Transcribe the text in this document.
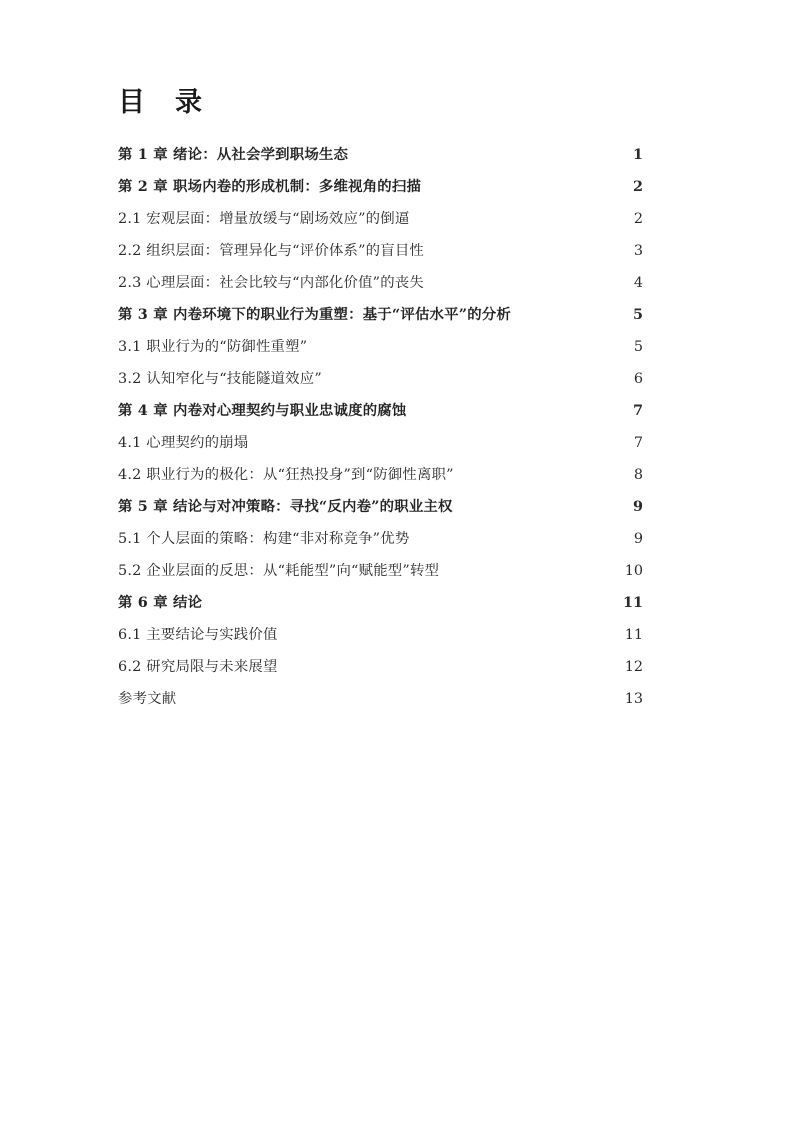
目  录
第 1 章 绪论：从社会学到职场生态 ·····	1
第 2 章 职场内卷的形成机制：多维视角的扫描 ·····	2
2.1 宏观层面：增量放缓与“剧场效应”的倒逼 ·····	2
2.2 组织层面：管理异化与“评价体系”的盲目性 ·····	3
2.3 心理层面：社会比较与“内部化价值”的丧失 ·····	4
第 3 章 内卷环境下的职业行为重塑：基于“评估水平”的分析 ·····	5
3.1 职业行为的“防御性重塑” ·····	5
3.2 认知窄化与“技能隧道效应” ·····	6
第 4 章 内卷对心理契约与职业忠诚度的腐蚀 ·····	7
4.1 心理契约的崩塌 ·····	7
4.2 职业行为的极化：从“狂热投身”到“防御性离职” ·····	8
第 5 章 结论与对冲策略：寻找“反内卷”的职业主权 ·····	9
5.1 个人层面的策略：构建“非对称竞争”优势 ·····	9
5.2 企业层面的反思：从“耗能型”向“赋能型”转型 ·····	10
第 6 章 结论 ·····	11
6.1 主要结论与实践价值 ·····	11
6.2 研究局限与未来展望 ·····	12
参考文献 ·····	13
